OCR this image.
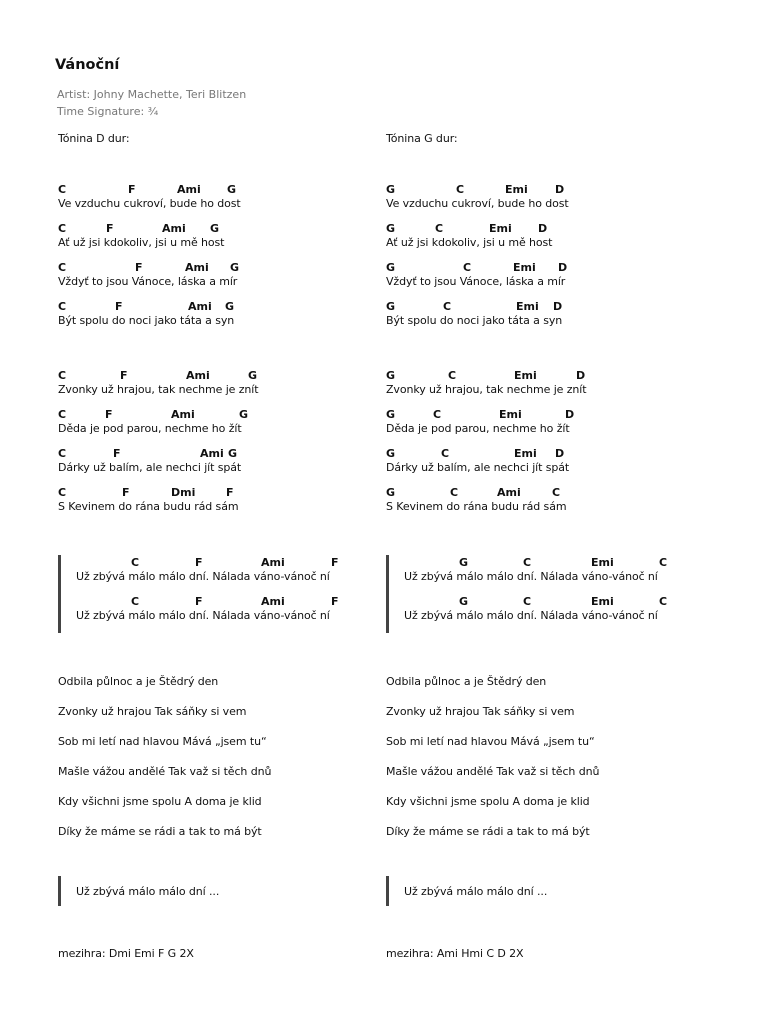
Vánoční
Artist: Johny Machette, Teri Blitzen
Time Signature: ¾
Tónina D dur:
C	F	Ami G
Ve vzduchu cukroví, bude ho dost
C	F	Ami G
Ať už jsi kdokoliv, jsi u mě host
C	F	Ami G
Vždyť to jsou Vánoce, láska a mír
C	F	Ami G
Být spolu do noci jako táta a syn
C	F	Ami	G
Zvonky už hrajou, tak nechme je znít
C	F	Ami	G
Děda je pod parou, nechme ho žít
C	F	Ami G
Dárky už balím, ale nechci jít spát
C	F	Dmi	F
S Kevinem do rána budu rád sám
C	F	Ami	F
Už zbývá málo málo dní. Nálada váno-vánoč ní
C	F	Ami	F
Už zbývá málo málo dní. Nálada váno-vánoč ní
Odbila půlnoc a je Štědrý den
Zvonky už hrajou Tak sáňky si vem
Sob mi letí nad hlavou Mává „jsem tu“
Mašle vážou andělé Tak važ si těch dnů
Kdy všichni jsme spolu A doma je klid
Díky že máme se rádi a tak to má být
Už zbývá málo málo dní ...
mezihra: Dmi Emi F G 2X
Tónina G dur:
G	C	Emi D
Ve vzduchu cukroví, bude ho dost
G	C	Emi D
Ať už jsi kdokoliv, jsi u mě host
G	C	Emi D
Vždyť to jsou Vánoce, láska a mír
G	C	Emi D
Být spolu do noci jako táta a syn
G	C	Emi	D
Zvonky už hrajou, tak nechme je znít
G	C	Emi	D
Děda je pod parou, nechme ho žít
G	C	Emi D
Dárky už balím, ale nechci jít spát
G	C	Ami	C
S Kevinem do rána budu rád sám
G	C	Emi	C
Už zbývá málo málo dní. Nálada váno-vánoč ní
G	C	Emi	C
Už zbývá málo málo dní. Nálada váno-vánoč ní
Odbila půlnoc a je Štědrý den
Zvonky už hrajou Tak sáňky si vem
Sob mi letí nad hlavou Mává „jsem tu“
Mašle vážou andělé Tak važ si těch dnů
Kdy všichni jsme spolu A doma je klid
Díky že máme se rádi a tak to má být
Už zbývá málo málo dní ...
mezihra: Ami Hmi C D 2X
